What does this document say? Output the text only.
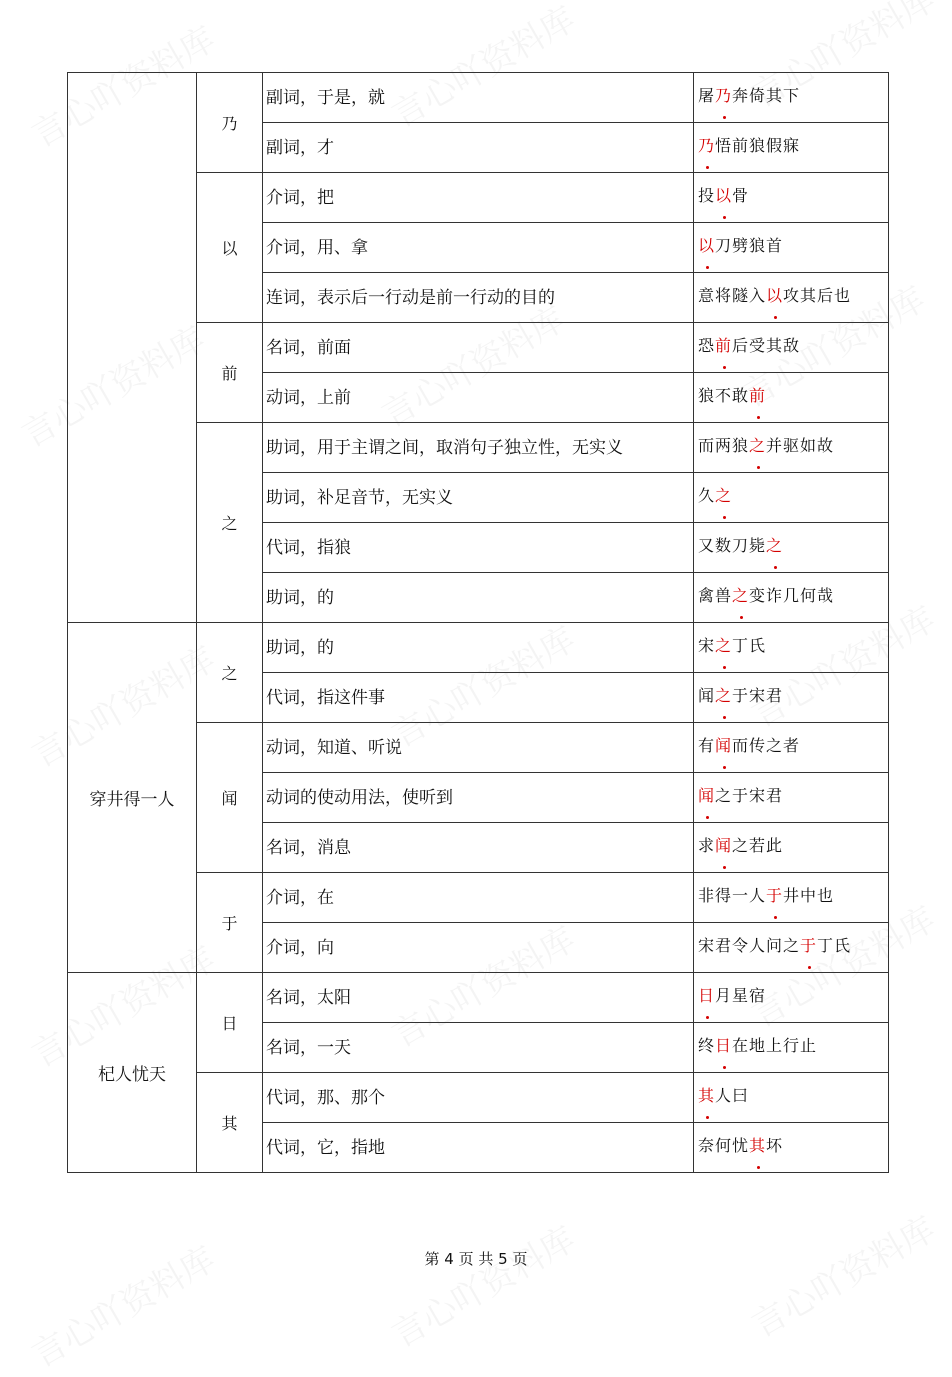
	乃	副词，于是，就	屠乃奔倚其下
		副词，才	乃悟前狼假寐
	以	介词，把	投以骨
		介词，用、拿	以刀劈狼首
		连词，表示后一行动是前一行动的目的	意将隧入以攻其后也
	前	名词，前面	恐前后受其敌
		动词，上前	狼不敢前
	之	助词，用于主谓之间，取消句子独立性，无实义	而两狼之并驱如故
		助词，补足音节，无实义	久之
		代词，指狼	又数刀毙之
		助词，的	禽兽之变诈几何哉
穿井得一人	之	助词，的	宋之丁氏
		代词，指这件事	闻之于宋君
	闻	动词，知道、听说	有闻而传之者
		动词的使动用法，使听到	闻之于宋君
		名词，消息	求闻之若此
	于	介词，在	非得一人于井中也
		介词，向	宋君令人问之于丁氏
杞人忧天	日	名词，太阳	日月星宿
		名词，一天	终日在地上行止
	其	代词，那、那个	其人曰
		代词，它，指地	奈何忧其坏
第 4 页 共 5 页
